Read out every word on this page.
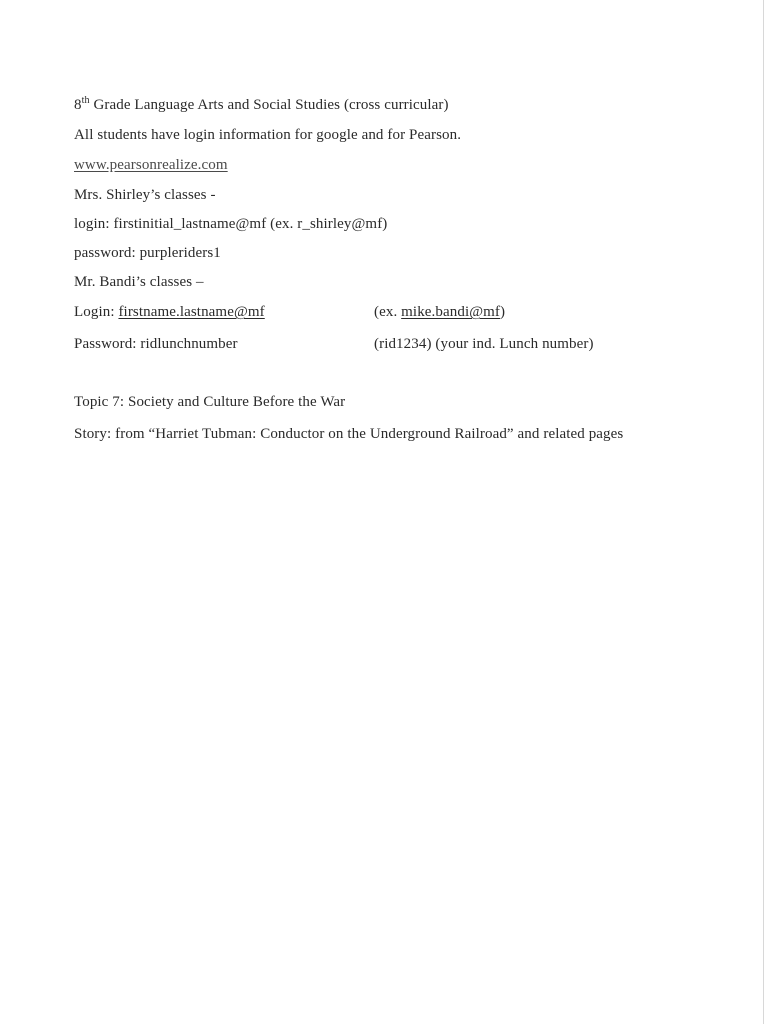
8th Grade Language Arts and Social Studies (cross curricular)
All students have login information for google and for Pearson.
www.pearsonrealize.com
Mrs. Shirley’s classes -
login: firstinitial_lastname@mf (ex. r_shirley@mf)
password: purpleriders1
Mr. Bandi’s classes –
Login: firstname.lastname@mf	(ex. mike.bandi@mf)
Password: ridlunchnumber	(rid1234) (your ind. Lunch number)
Topic 7: Society and Culture Before the War
Story: from “Harriet Tubman: Conductor on the Underground Railroad” and related pages
